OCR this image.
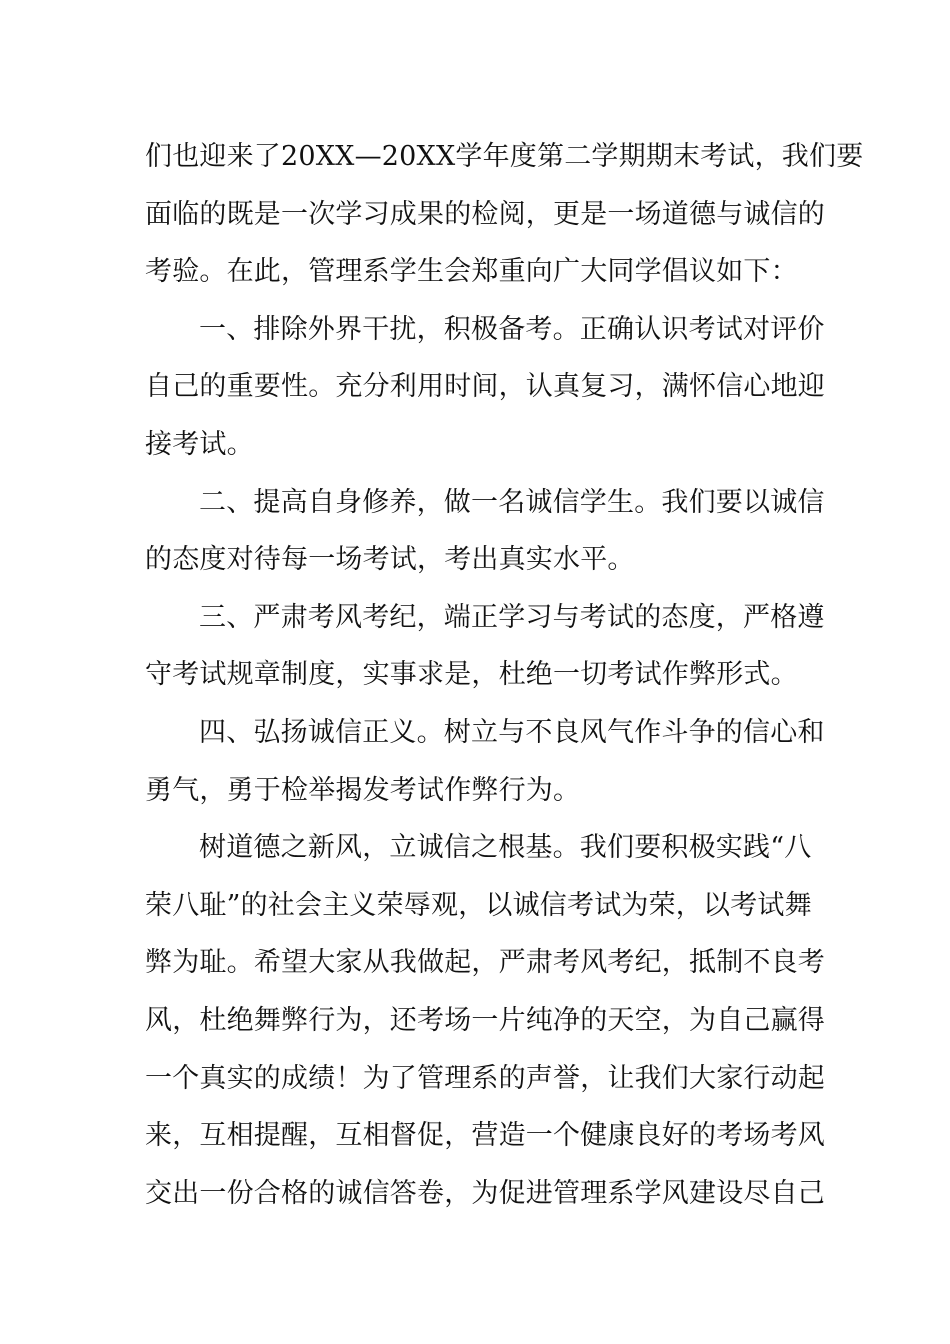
们也迎来了20XX—20XX学年度第二学期期末考试，我们要
面临的既是一次学习成果的检阅，更是一场道德与诚信的
考验。在此，管理系学生会郑重向广大同学倡议如下：
一、排除外界干扰，积极备考。正确认识考试对评价
自己的重要性。充分利用时间，认真复习，满怀信心地迎
接考试。
二、提高自身修养，做一名诚信学生。我们要以诚信
的态度对待每一场考试，考出真实水平。
三、严肃考风考纪，端正学习与考试的态度，严格遵
守考试规章制度，实事求是，杜绝一切考试作弊形式。
四、弘扬诚信正义。树立与不良风气作斗争的信心和
勇气，勇于检举揭发考试作弊行为。
树道德之新风，立诚信之根基。我们要积极实践“八
荣八耻”的社会主义荣辱观，以诚信考试为荣，以考试舞
弊为耻。希望大家从我做起，严肃考风考纪，抵制不良考
风，杜绝舞弊行为，还考场一片纯净的天空，为自己赢得
一个真实的成绩！为了管理系的声誉，让我们大家行动起
来，互相提醒，互相督促，营造一个健康良好的考场考风
交出一份合格的诚信答卷，为促进管理系学风建设尽自己
